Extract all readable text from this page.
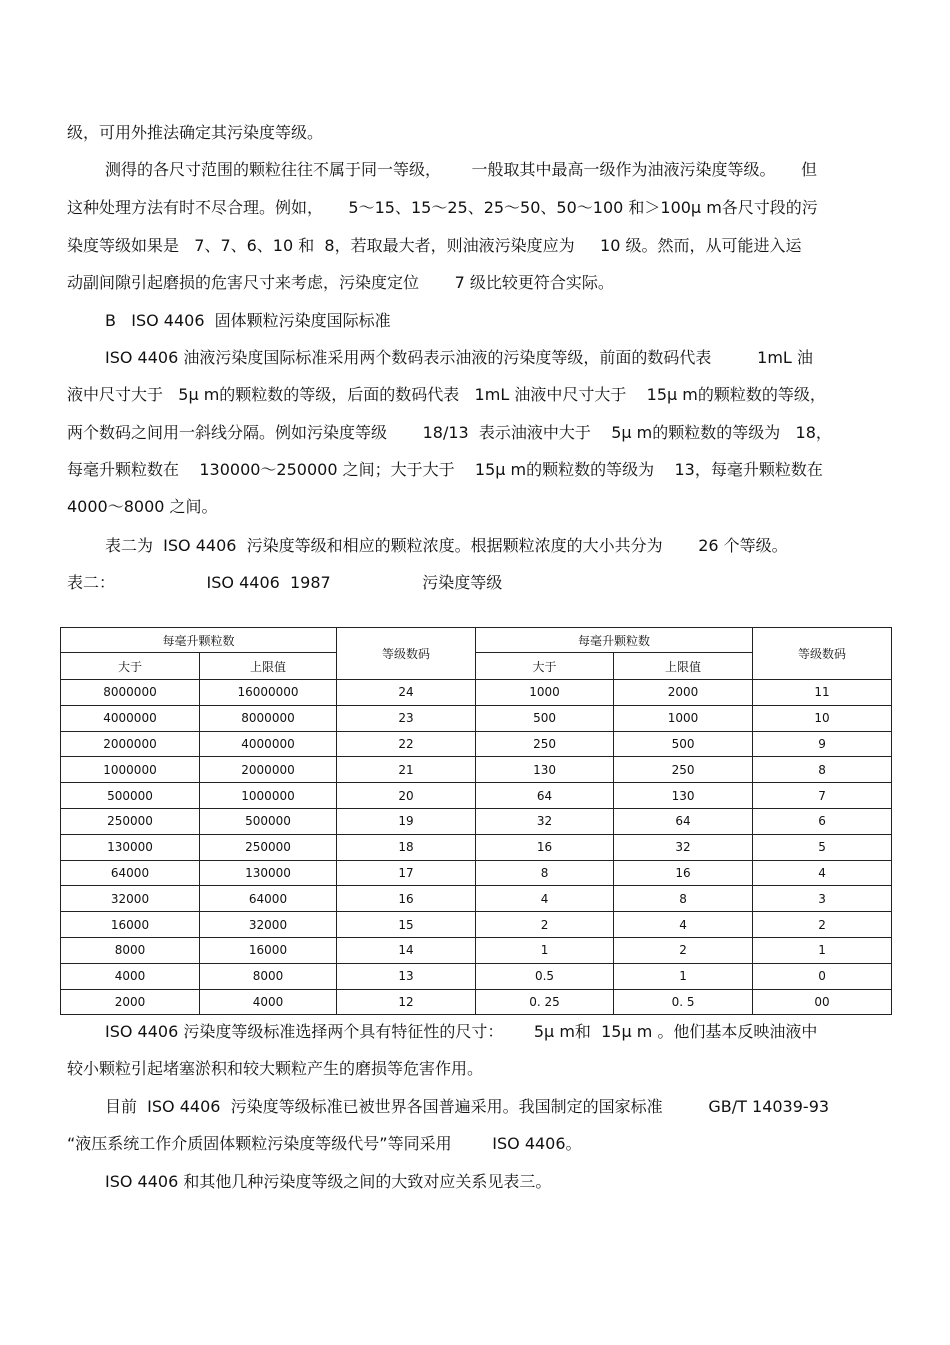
级，可用外推法确定其污染度等级。
测得的各尺寸范围的颗粒往往不属于同一等级，      一般取其中最高一级作为油液污染度等级。     但
这种处理方法有时不尽合理。例如，     5～15、15～25、25～50、50～100 和＞100μ m各尺寸段的污
染度等级如果是   7、7、6、10 和  8，若取最大者，则油液污染度应为     10 级。然而，从可能进入运
动副间隙引起磨损的危害尺寸来考虑，污染度定位       7 级比较更符合实际。
B   ISO 4406  固体颗粒污染度国际标准
ISO 4406 油液污染度国际标准采用两个数码表示油液的污染度等级，前面的数码代表         1mL 油
液中尺寸大于   5μ m的颗粒数的等级，后面的数码代表   1mL 油液中尺寸大于    15μ m的颗粒数的等级，
两个数码之间用一斜线分隔。例如污染度等级       18/13  表示油液中大于    5μ m的颗粒数的等级为   18，
每毫升颗粒数在    130000～250000 之间；大于大于    15μ m的颗粒数的等级为    13，每毫升颗粒数在
4000～8000 之间。
表二为  ISO 4406  污染度等级和相应的颗粒浓度。根据颗粒浓度的大小共分为       26 个等级。
表二：                  ISO 4406  1987                  污染度等级
每毫升颗粒数		等级数码	每毫升颗粒数		等级数码
大于	上限值		大于	上限值	
8000000	16000000	24	1000	2000	11
4000000	8000000	23	500	1000	10
2000000	4000000	22	250	500	9
1000000	2000000	21	130	250	8
500000	1000000	20	64	130	7
250000	500000	19	32	64	6
130000	250000	18	16	32	5
64000	130000	17	8	16	4
32000	64000	16	4	8	3
16000	32000	15	2	4	2
8000	16000	14	1	2	1
4000	8000	13	0.5	1	0
2000	4000	12	0. 25	0. 5	00
ISO 4406 污染度等级标准选择两个具有特征性的尺寸：      5μ m和  15μ m 。他们基本反映油液中
较小颗粒引起堵塞淤积和较大颗粒产生的磨损等危害作用。
目前  ISO 4406  污染度等级标准已被世界各国普遍采用。我国制定的国家标准         GB/T 14039-93
“液压系统工作介质固体颗粒污染度等级代号”等同采用        ISO 4406。
ISO 4406 和其他几种污染度等级之间的大致对应关系见表三。
